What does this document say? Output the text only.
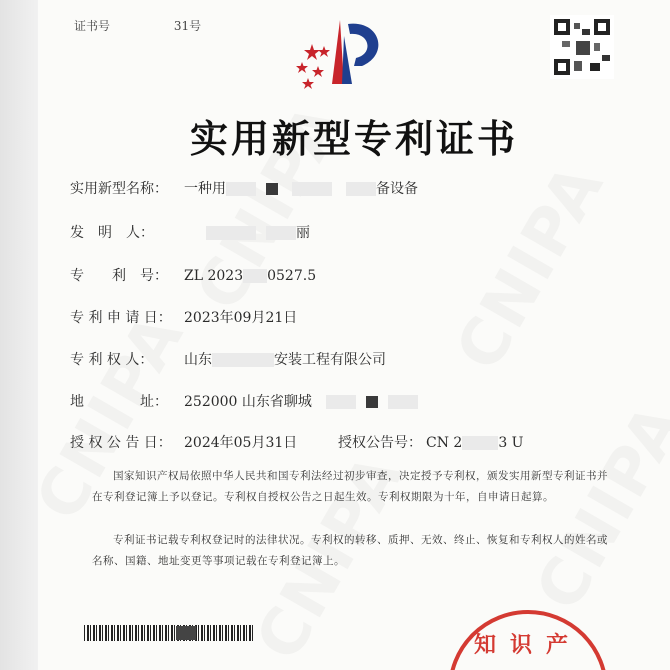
证书号	31号
实用新型专利证书
实用新型名称： 一种用	备设备
发　明　人：	丽
专　　利　号： ZL 2023 0527.5
专 利 申 请 日： 2023年09月21日
专 利 权 人： 山东	安装工程有限公司
地　　　　址： 252000 山东省聊城
授 权 公 告 日： 2024年05月31日	授权公告号： CN 2	3 U
国家知识产权局依照中华人民共和国专利法经过初步审查，决定授予专利权，颁发实用新型专利证书并在专利登记簿上予以登记。专利权自授权公告之日起生效。专利权期限为十年，自申请日起算。
专利证书记载专利权登记时的法律状况。专利权的转移、质押、无效、终止、恢复和专利权人的姓名或名称、国籍、地址变更等事项记载在专利登记簿上。
知识产
